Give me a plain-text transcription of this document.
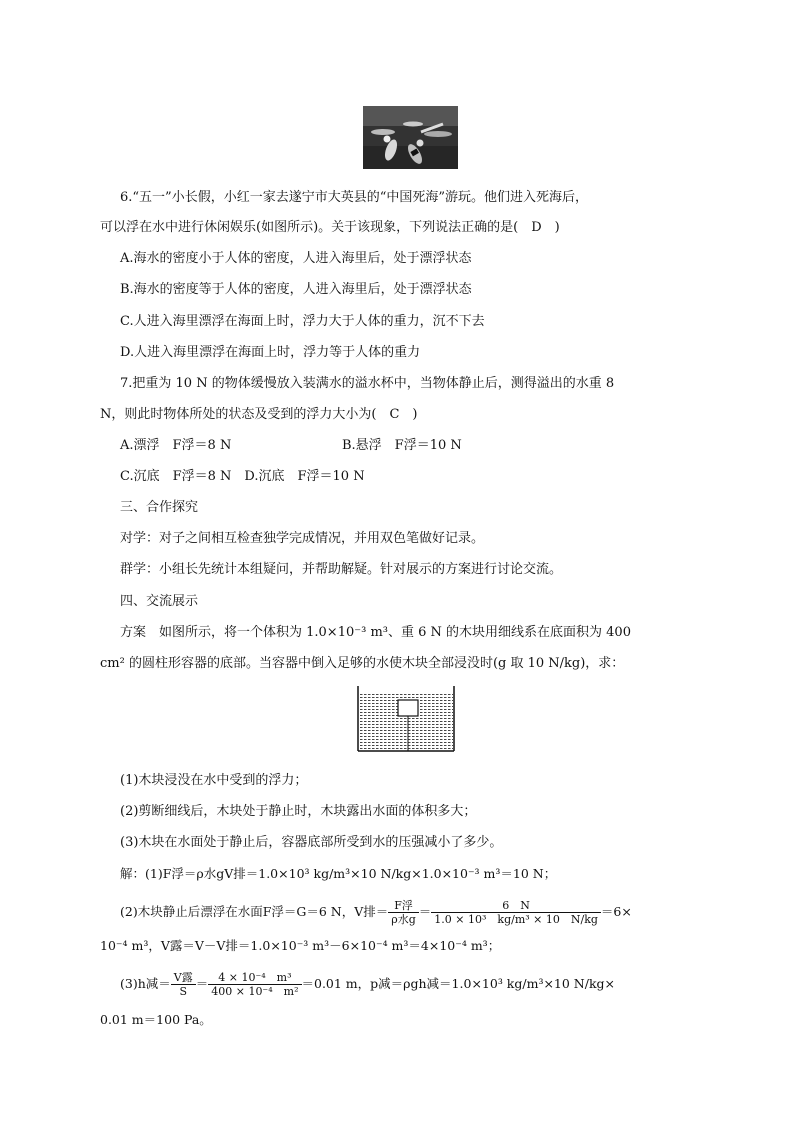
6.“五一”小长假，小红一家去遂宁市大英县的“中国死海”游玩。他们进入死海后，
可以浮在水中进行休闲娱乐(如图所示)。关于该现象，下列说法正确的是(　D　)
A.海水的密度小于人体的密度，人进入海里后，处于漂浮状态
B.海水的密度等于人体的密度，人进入海里后，处于漂浮状态
C.人进入海里漂浮在海面上时，浮力大于人体的重力，沉不下去
D.人进入海里漂浮在海面上时，浮力等于人体的重力
7.把重为 10 N 的物体缓慢放入装满水的溢水杯中，当物体静止后，测得溢出的水重 8
N，则此时物体所处的状态及受到的浮力大小为(　C　)
A.漂浮　F浮＝8 N	B.悬浮　F浮＝10 N
C.沉底　F浮＝8 N　D.沉底　F浮＝10 N
三、合作探究
对学：对子之间相互检查独学完成情况，并用双色笔做好记录。
群学：小组长先统计本组疑问，并帮助解疑。针对展示的方案进行讨论交流。
四、交流展示
方案　如图所示，将一个体积为 1.0×10⁻³ m³、重 6 N 的木块用细线系在底面积为 400
cm² 的圆柱形容器的底部。当容器中倒入足够的水使木块全部浸没时(g 取 10 N/kg)，求：
(1)木块浸没在水中受到的浮力；
(2)剪断细线后，木块处于静止时，木块露出水面的体积多大；
(3)木块在水面处于静止后，容器底部所受到水的压强减小了多少。
解：(1)F浮＝ρ水gV排＝1.0×10³ kg/m³×10 N/kg×1.0×10⁻³ m³＝10 N；
(2)木块静止后漂浮在水面F浮＝G＝6 N，V排＝ $\frac{\text{F浮}}{\text{ρ水g}} = \frac{6 N}{\text{1.0 × 10³　kg/m³ × 10　N/kg}} =6\times$
10⁻⁴ m³，V露＝V－V排＝1.0×10⁻³ m³－6×10⁻⁴ m³＝4×10⁻⁴ m³；
(3)h减＝ $\frac{\text{V露}}{S} = \frac{\text{4 × 10⁻⁴　m³}}{\text{400 × 10⁻⁴　m²}} =0.01$ m，p减＝ρgh减＝1.0×10³ kg/m³×10 N/kg×
0.01 m＝100 Pa。
